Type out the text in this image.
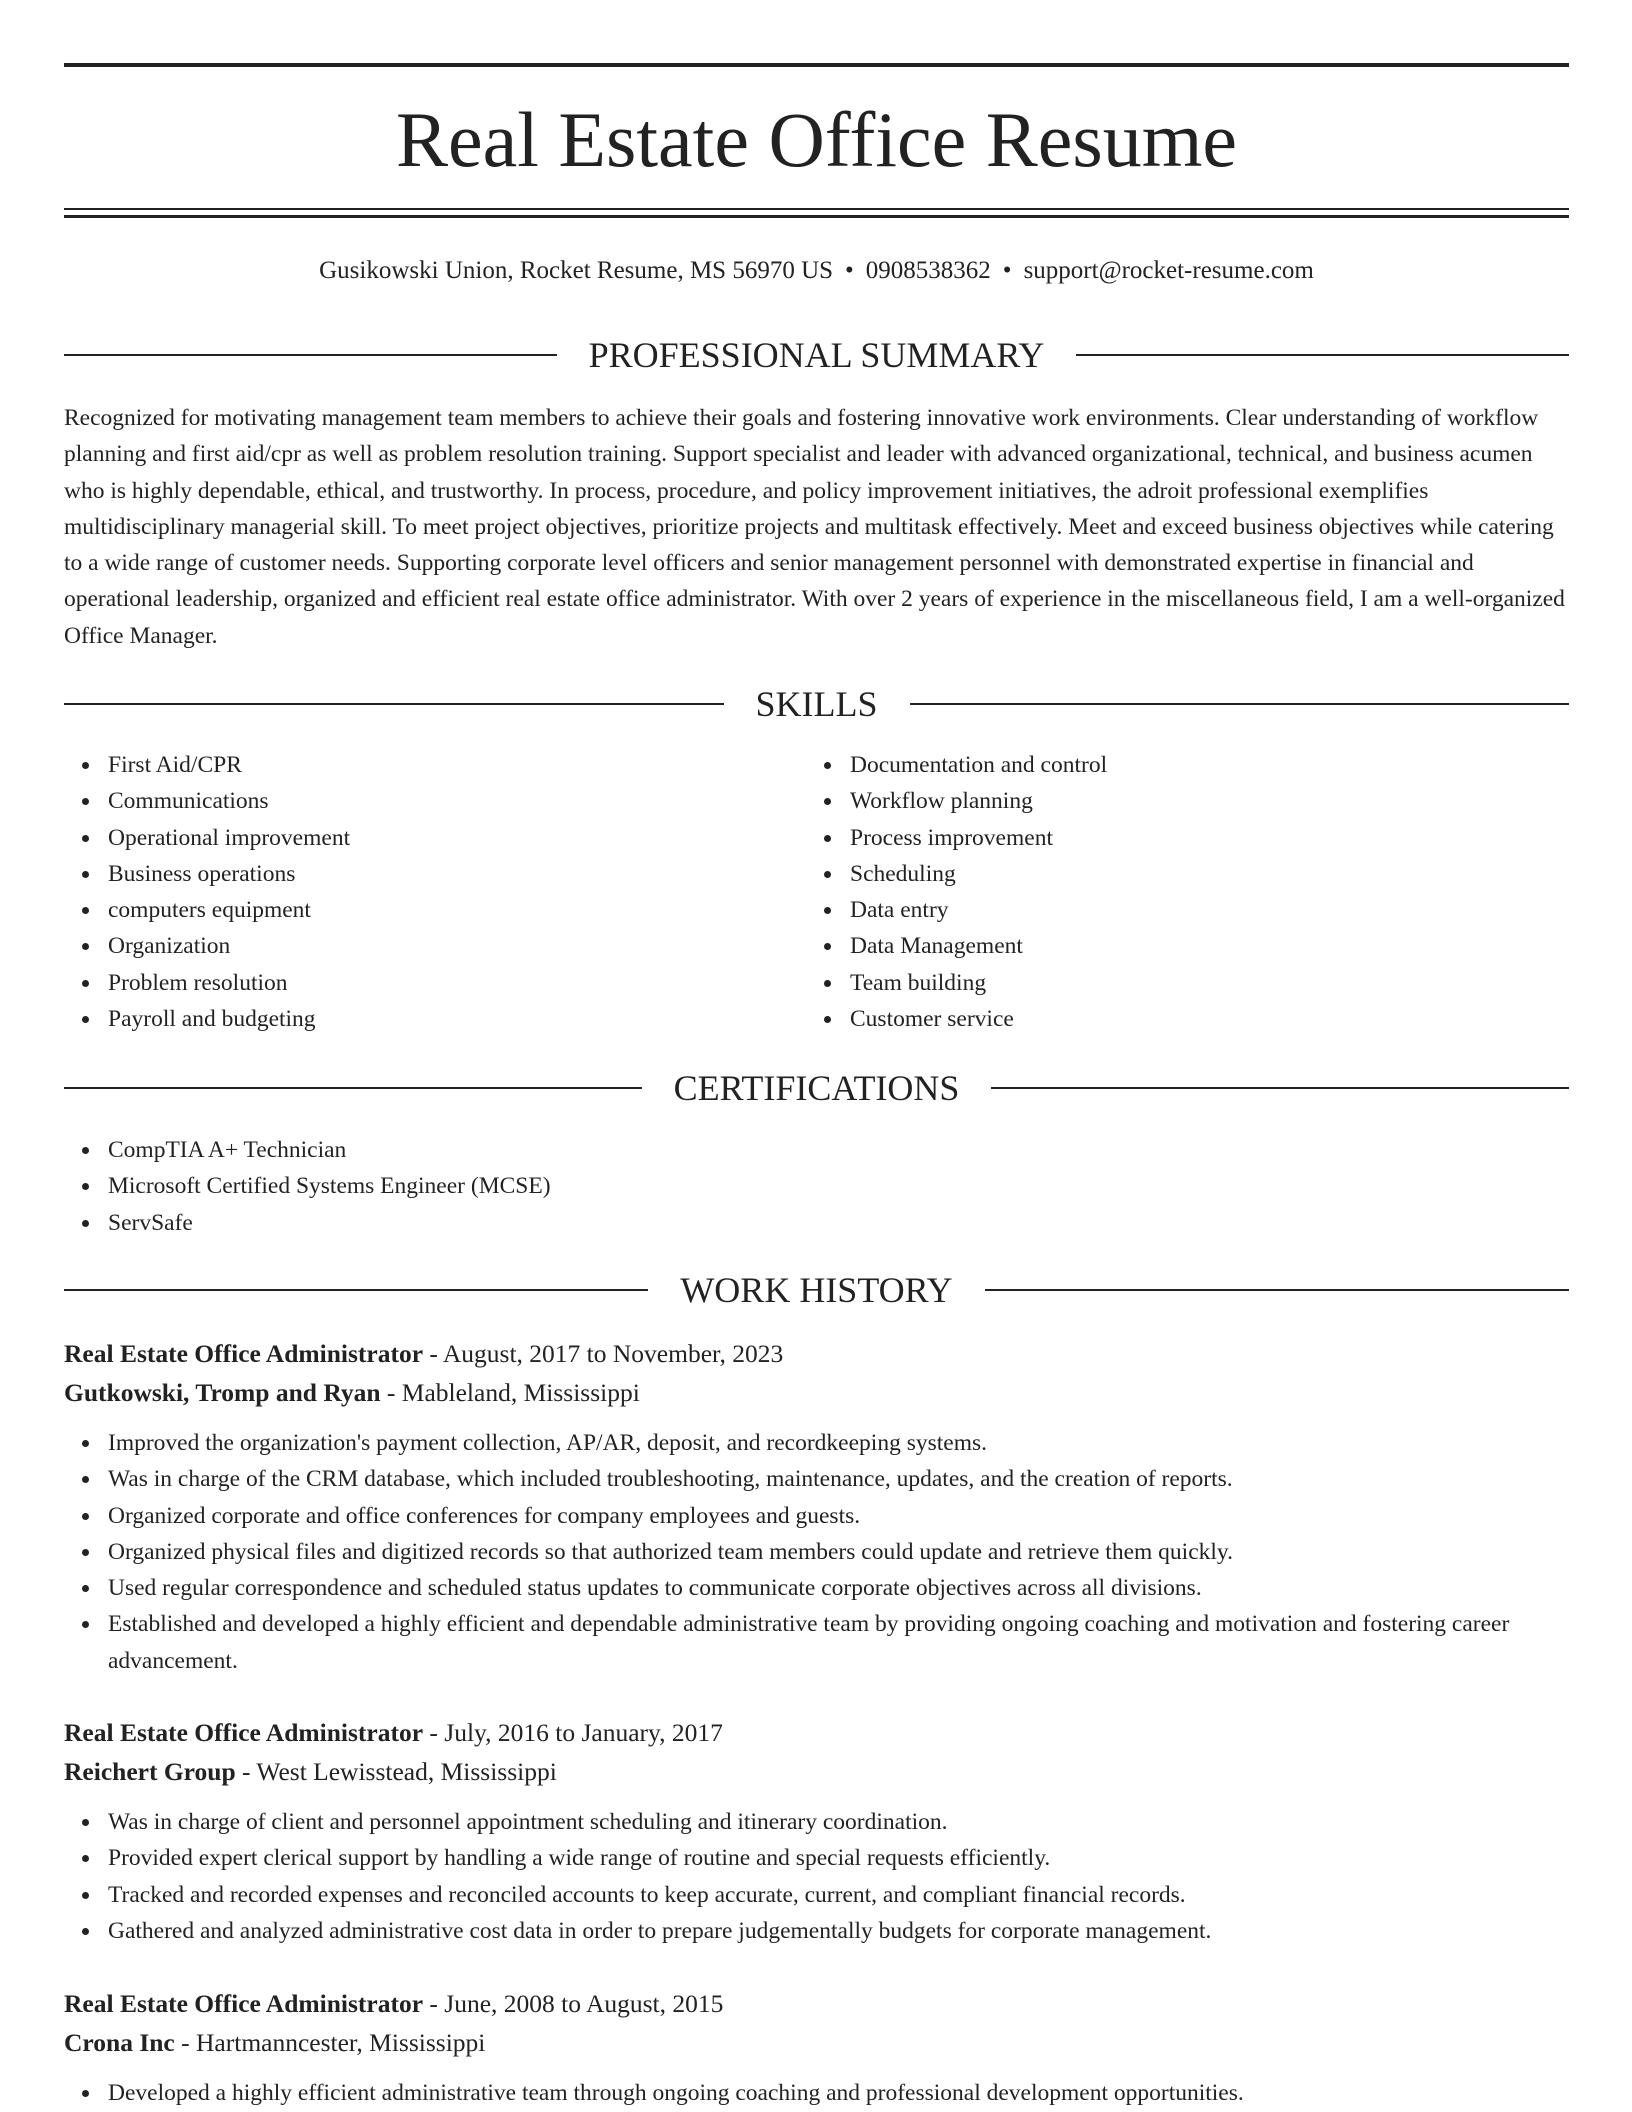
Real Estate Office Resume
Gusikowski Union, Rocket Resume, MS 56970 US • 0908538362 • support@rocket-resume.com
PROFESSIONAL SUMMARY
Recognized for motivating management team members to achieve their goals and fostering innovative work environments. Clear understanding of workflow planning and first aid/cpr as well as problem resolution training. Support specialist and leader with advanced organizational, technical, and business acumen who is highly dependable, ethical, and trustworthy. In process, procedure, and policy improvement initiatives, the adroit professional exemplifies multidisciplinary managerial skill. To meet project objectives, prioritize projects and multitask effectively. Meet and exceed business objectives while catering to a wide range of customer needs. Supporting corporate level officers and senior management personnel with demonstrated expertise in financial and operational leadership, organized and efficient real estate office administrator. With over 2 years of experience in the miscellaneous field, I am a well-organized Office Manager.
SKILLS
First Aid/CPR
Communications
Operational improvement
Business operations
computers equipment
Organization
Problem resolution
Payroll and budgeting
Documentation and control
Workflow planning
Process improvement
Scheduling
Data entry
Data Management
Team building
Customer service
CERTIFICATIONS
CompTIA A+ Technician
Microsoft Certified Systems Engineer (MCSE)
ServSafe
WORK HISTORY
Real Estate Office Administrator - August, 2017 to November, 2023
Gutkowski, Tromp and Ryan - Mableland, Mississippi
Improved the organization's payment collection, AP/AR, deposit, and recordkeeping systems.
Was in charge of the CRM database, which included troubleshooting, maintenance, updates, and the creation of reports.
Organized corporate and office conferences for company employees and guests.
Organized physical files and digitized records so that authorized team members could update and retrieve them quickly.
Used regular correspondence and scheduled status updates to communicate corporate objectives across all divisions.
Established and developed a highly efficient and dependable administrative team by providing ongoing coaching and motivation and fostering career advancement.
Real Estate Office Administrator - July, 2016 to January, 2017
Reichert Group - West Lewisstead, Mississippi
Was in charge of client and personnel appointment scheduling and itinerary coordination.
Provided expert clerical support by handling a wide range of routine and special requests efficiently.
Tracked and recorded expenses and reconciled accounts to keep accurate, current, and compliant financial records.
Gathered and analyzed administrative cost data in order to prepare judgementally budgets for corporate management.
Real Estate Office Administrator - June, 2008 to August, 2015
Crona Inc - Hartmanncester, Mississippi
Developed a highly efficient administrative team through ongoing coaching and professional development opportunities.
